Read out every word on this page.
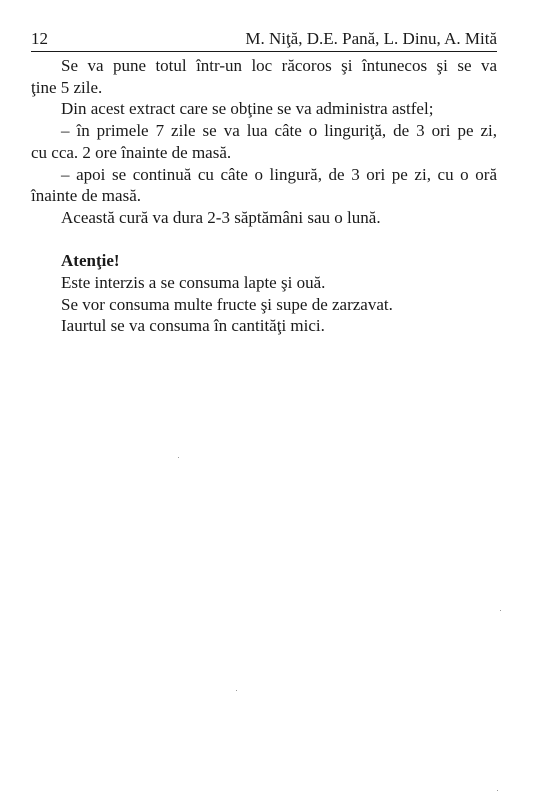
12	M. Niţă, D.E. Pană, L. Dinu, A. Mită

Se va pune totul într-un loc răcoros şi întunecos şi se va

ţine 5 zile.

Din acest extract care se obţine se va administra astfel;

– în primele 7 zile se va lua câte o linguriţă, de 3 ori pe zi,

cu cca. 2 ore înainte de masă.

– apoi se continuă cu câte o lingură, de 3 ori pe zi, cu o oră

înainte de masă.

Această cură va dura 2-3 săptămâni sau o lună.

Atenţie!

Este interzis a se consuma lapte şi ouă.

Se vor consuma multe fructe şi supe de zarzavat.

Iaurtul se va consuma în cantităţi mici.
